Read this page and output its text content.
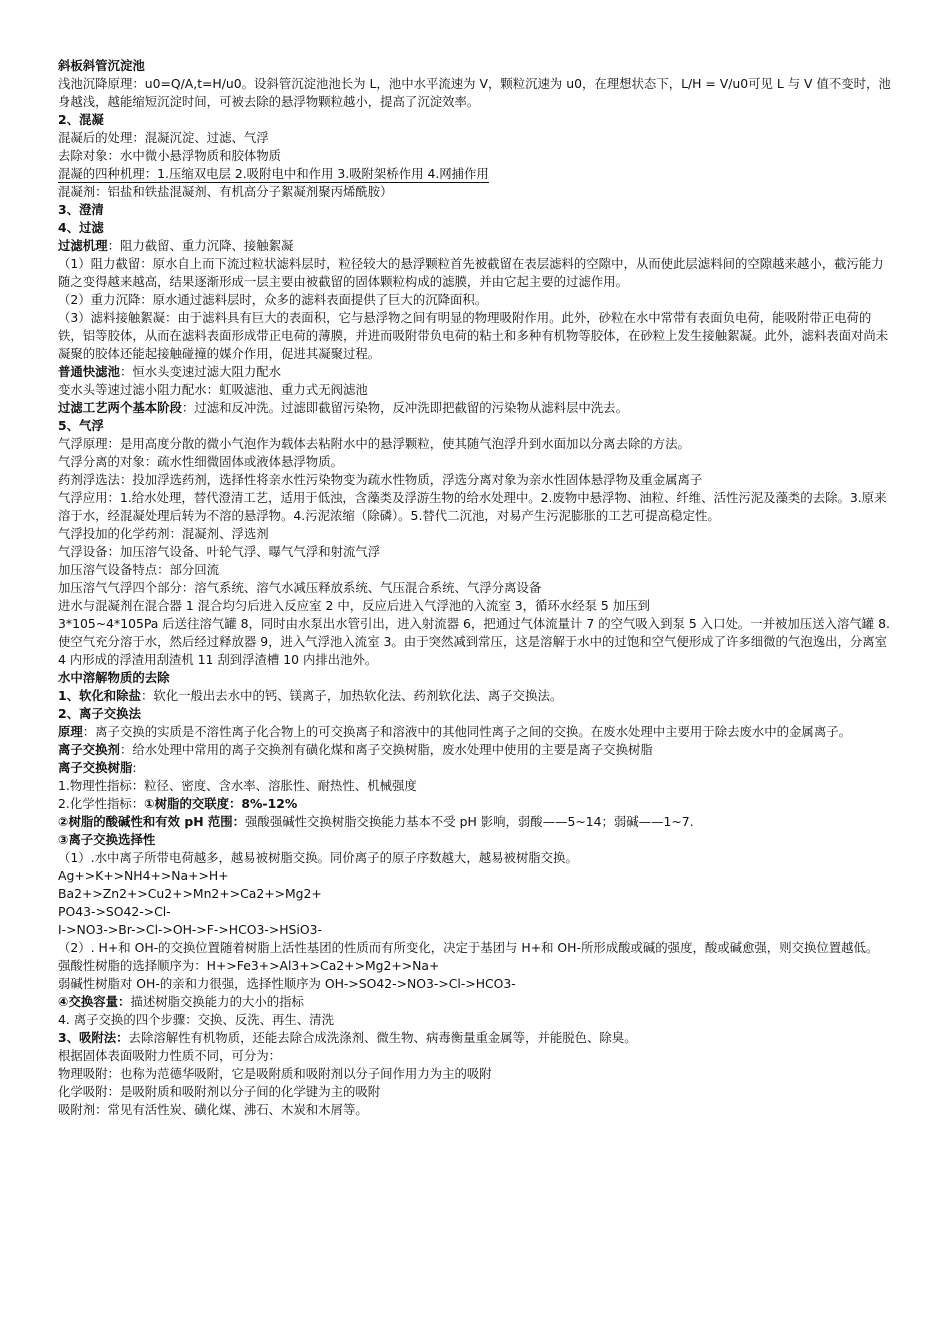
斜板斜管沉淀池
浅池沉降原理：u0=Q/A,t=H/u0。设斜管沉淀池池长为 L，池中水平流速为 V，颗粒沉速为 u0，在理想状态下，L/H = V/u0可见 L 与 V 值不变时，池身越浅，越能缩短沉淀时间，可被去除的悬浮物颗粒越小，提高了沉淀效率。
2、混凝
混凝后的处理：混凝沉淀、过滤、气浮
去除对象：水中微小悬浮物质和胶体物质
混凝的四种机理：1.压缩双电层 2.吸附电中和作用 3.吸附架桥作用 4.网捕作用
混凝剂：铝盐和铁盐混凝剂、有机高分子絮凝剂聚丙烯酰胺）
3、澄清
4、过滤
过滤机理：阻力截留、重力沉降、接触絮凝
（1）阻力截留：原水自上而下流过粒状滤料层时，粒径较大的悬浮颗粒首先被截留在表层滤料的空隙中，从而使此层滤料间的空隙越来越小，截污能力随之变得越来越高，结果逐渐形成一层主要由被截留的固体颗粒构成的滤膜，并由它起主要的过滤作用。
（2）重力沉降：原水通过滤料层时，众多的滤料表面提供了巨大的沉降面积。
（3）滤料接触絮凝：由于滤料具有巨大的表面积，它与悬浮物之间有明显的物理吸附作用。此外，砂粒在水中常带有表面负电荷，能吸附带正电荷的铁，铝等胶体，从而在滤料表面形成带正电荷的薄膜，并进而吸附带负电荷的粘土和多种有机物等胶体，在砂粒上发生接触絮凝。此外，滤料表面对尚未凝聚的胶体还能起接触碰撞的媒介作用，促进其凝聚过程。
普通快滤池：恒水头变速过滤大阻力配水
变水头等速过滤小阻力配水：虹吸滤池、重力式无阀滤池
过滤工艺两个基本阶段：过滤和反冲洗。过滤即截留污染物，反冲洗即把截留的污染物从滤料层中洗去。
5、气浮
气浮原理：是用高度分散的微小气泡作为载体去粘附水中的悬浮颗粒，使其随气泡浮升到水面加以分离去除的方法。
气浮分离的对象：疏水性细微固体或液体悬浮物质。
药剂浮选法：投加浮选药剂，选择性将亲水性污染物变为疏水性物质，浮选分离对象为亲水性固体悬浮物及重金属离子
气浮应用：1.给水处理，替代澄清工艺，适用于低浊，含藻类及浮游生物的给水处理中。2.废物中悬浮物、油粒、纤维、活性污泥及藻类的去除。3.原来溶于水，经混凝处理后转为不溶的悬浮物。4.污泥浓缩（除磷）。5.替代二沉池，对易产生污泥膨胀的工艺可提高稳定性。
气浮投加的化学药剂：混凝剂、浮选剂
气浮设备：加压溶气设备、叶轮气浮、曝气气浮和射流气浮
加压溶气设备特点：部分回流
加压溶气气浮四个部分：溶气系统、溶气水减压释放系统、气压混合系统、气浮分离设备
进水与混凝剂在混合器 1 混合均匀后进入反应室 2 中，反应后进入气浮池的入流室 3，循环水经泵 5 加压到
3*105~4*105Pa 后送往溶气罐 8，同时由水泵出水管引出，进入射流器 6，把通过气体流量计 7 的空气吸入到泵 5 入口处。一并被加压送入溶气罐 8.使空气充分溶于水，然后经过释放器 9，进入气浮池入流室 3。由于突然减到常压，这是溶解于水中的过饱和空气便形成了许多细微的气泡逸出，分离室 4 内形成的浮渣用刮渣机 11 刮到浮渣槽 10 内排出池外。
水中溶解物质的去除
1、软化和除盐：软化一般出去水中的钙、镁离子，加热软化法、药剂软化法、离子交换法。
2、离子交换法
原理：离子交换的实质是不溶性离子化合物上的可交换离子和溶液中的其他同性离子之间的交换。在废水处理中主要用于除去废水中的金属离子。
离子交换剂：给水处理中常用的离子交换剂有磺化煤和离子交换树脂，废水处理中使用的主要是离子交换树脂
离子交换树脂:
1.物理性指标：粒径、密度、含水率、溶胀性、耐热性、机械强度
2.化学性指标：①树脂的交联度：8%-12%
②树脂的酸碱性和有效 pH 范围：强酸强碱性交换树脂交换能力基本不受 pH 影响，弱酸——5~14；弱碱——1~7.
③离子交换选择性
（1）.水中离子所带电荷越多，越易被树脂交换。同价离子的原子序数越大，越易被树脂交换。
Ag+>K+>NH4+>Na+>H+
Ba2+>Zn2+>Cu2+>Mn2+>Ca2+>Mg2+
PO43->SO42->Cl-
I->NO3->Br->Cl->OH->F->HCO3->HSiO3-
（2）. H+和 OH-的交换位置随着树脂上活性基团的性质而有所变化，决定于基团与 H+和 OH-所形成酸或碱的强度，酸或碱愈强，则交换位置越低。
强酸性树脂的选择顺序为：H+>Fe3+>Al3+>Ca2+>Mg2+>Na+
弱碱性树脂对 OH-的亲和力很强，选择性顺序为 OH->SO42->NO3->Cl->HCO3-
④交换容量：描述树脂交换能力的大小的指标
4. 离子交换的四个步骤：交换、反洗、再生、清洗
3、吸附法：去除溶解性有机物质，还能去除合成洗涤剂、微生物、病毒衡量重金属等，并能脱色、除臭。
根据固体表面吸附力性质不同，可分为：
物理吸附：也称为范德华吸附，它是吸附质和吸附剂以分子间作用力为主的吸附
化学吸附：是吸附质和吸附剂以分子间的化学键为主的吸附
吸附剂：常见有活性炭、磺化煤、沸石、木炭和木屑等。
